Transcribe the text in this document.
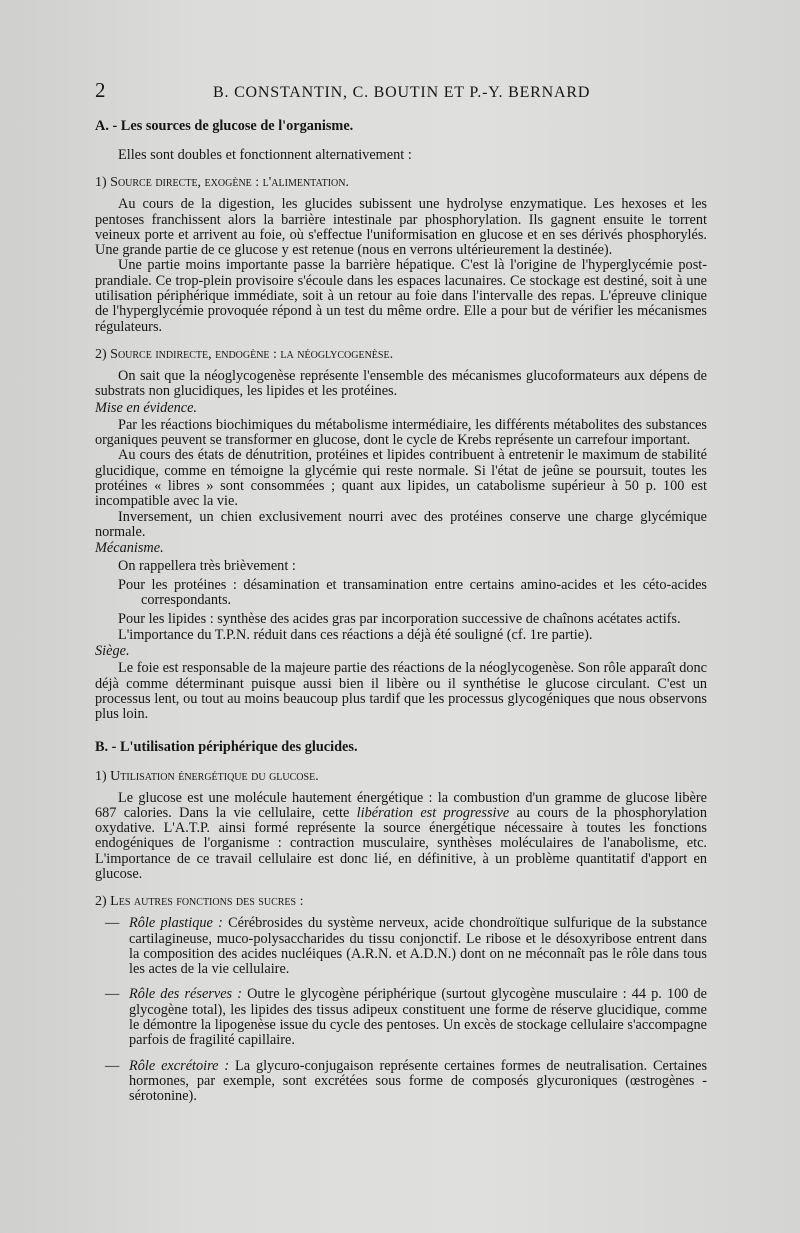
2	B. CONSTANTIN, C. BOUTIN ET P.-Y. BERNARD
A. - Les sources de glucose de l'organisme.

Elles sont doubles et fonctionnent alternativement :

1) Source directe, exogène : l'alimentation.

Au cours de la digestion, les glucides subissent une hydrolyse enzymatique. Les hexoses et les pentoses franchissent alors la barrière intestinale par phosphorylation. Ils gagnent ensuite le torrent veineux porte et arrivent au foie, où s'effectue l'uniformisation en glucose et en ses dérivés phosphorylés. Une grande partie de ce glucose y est retenue (nous en verrons ultérieurement la destinée).

Une partie moins importante passe la barrière hépatique. C'est là l'origine de l'hyperglycémie post-prandiale. Ce trop-plein provisoire s'écoule dans les espaces lacunaires. Ce stockage est destiné, soit à une utilisation périphérique immédiate, soit à un retour au foie dans l'intervalle des repas. L'épreuve clinique de l'hyperglycémie provoquée répond à un test du même ordre. Elle a pour but de vérifier les mécanismes régulateurs.

2) Source indirecte, endogène : la néoglycogenèse.

On sait que la néoglycogenèse représente l'ensemble des mécanismes glucoformateurs aux dépens de substrats non glucidiques, les lipides et les protéines.

Mise en évidence.

Par les réactions biochimiques du métabolisme intermédiaire, les différents métabolites des substances organiques peuvent se transformer en glucose, dont le cycle de Krebs représente un carrefour important.

Au cours des états de dénutrition, protéines et lipides contribuent à entretenir le maximum de stabilité glucidique, comme en témoigne la glycémie qui reste normale. Si l'état de jeûne se poursuit, toutes les protéines « libres » sont consommées ; quant aux lipides, un catabolisme supérieur à 50 p. 100 est incompatible avec la vie.

Inversement, un chien exclusivement nourri avec des protéines conserve une charge glycémique normale.

Mécanisme.

On rappellera très brièvement :

Pour les protéines : désamination et transamination entre certains amino-acides et les céto-acides correspondants.

Pour les lipides : synthèse des acides gras par incorporation successive de chaînons acétates actifs.

L'importance du T.P.N. réduit dans ces réactions a déjà été souligné (cf. 1re partie).

Siège.

Le foie est responsable de la majeure partie des réactions de la néoglycogenèse. Son rôle apparaît donc déjà comme déterminant puisque aussi bien il libère ou il synthétise le glucose circulant. C'est un processus lent, ou tout au moins beaucoup plus tardif que les processus glycogéniques que nous observons plus loin.

B. - L'utilisation périphérique des glucides.
1) Utilisation énergétique du glucose.

Le glucose est une molécule hautement énergétique : la combustion d'un gramme de glucose libère 687 calories. Dans la vie cellulaire, cette libération est progressive au cours de la phosphorylation oxydative. L'A.T.P. ainsi formé représente la source énergétique nécessaire à toutes les fonctions endogéniques de l'organisme : contraction musculaire, synthèses moléculaires de l'anabolisme, etc. L'importance de ce travail cellulaire est donc lié, en définitive, à un problème quantitatif d'apport en glucose.

2) Les autres fonctions des sucres :
— Rôle plastique : Cérébrosides du système nerveux, acide chondroïtique sulfurique de la substance cartilagineuse, muco-polysaccharides du tissu conjonctif. Le ribose et le désoxyribose entrent dans la composition des acides nucléiques (A.R.N. et A.D.N.) dont on ne méconnaît pas le rôle dans tous les actes de la vie cellulaire.

— Rôle des réserves : Outre le glycogène périphérique (surtout glycogène musculaire : 44 p. 100 de glycogène total), les lipides des tissus adipeux constituent une forme de réserve glucidique, comme le démontre la lipogenèse issue du cycle des pentoses. Un excès de stockage cellulaire s'accompagne parfois de fragilité capillaire.

— Rôle excrétoire : La glycuro-conjugaison représente certaines formes de neutralisation. Certaines hormones, par exemple, sont excrétées sous forme de composés glycuroniques (œstrogènes - sérotonine).
